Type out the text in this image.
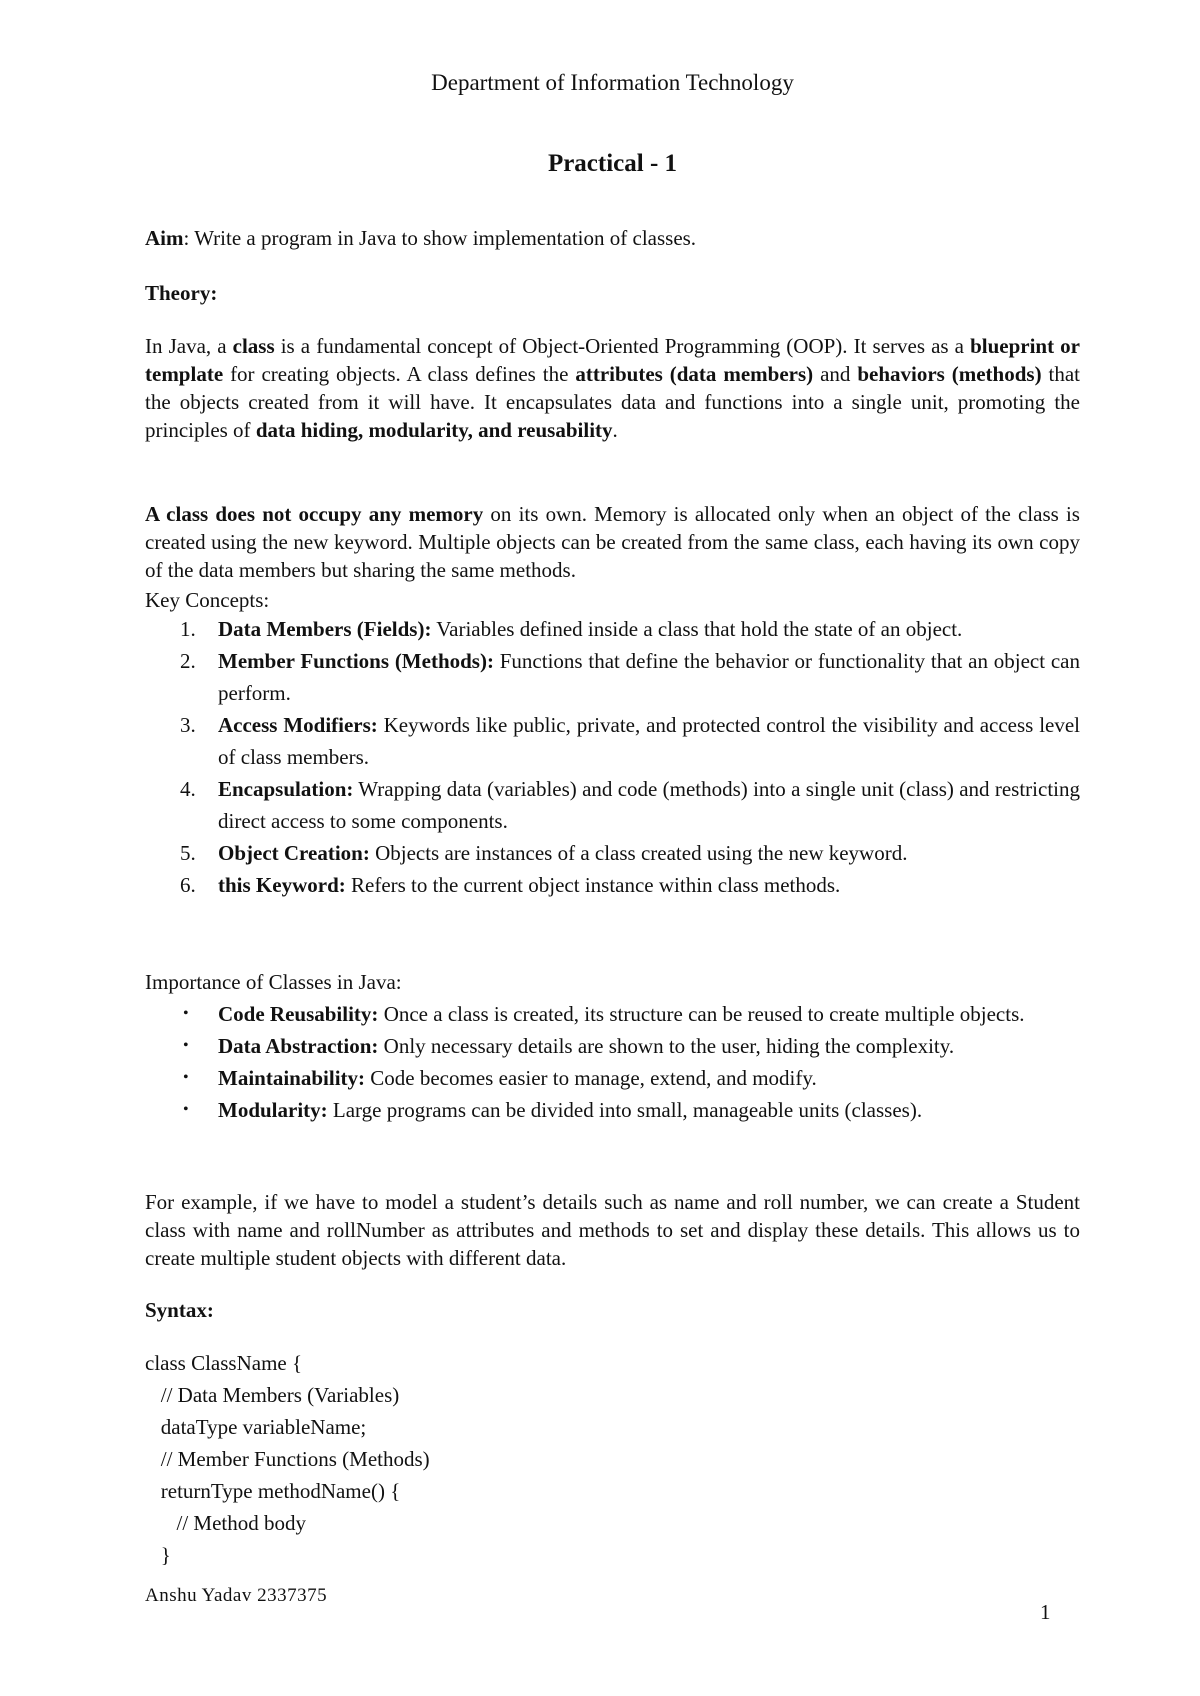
Department of Information Technology
Practical - 1
Aim: Write a program in Java to show implementation of classes.
Theory:
In Java, a class is a fundamental concept of Object-Oriented Programming (OOP). It serves as a blueprint or template for creating objects. A class defines the attributes (data members) and behaviors (methods) that the objects created from it will have. It encapsulates data and functions into a single unit, promoting the principles of data hiding, modularity, and reusability.
A class does not occupy any memory on its own. Memory is allocated only when an object of the class is created using the new keyword. Multiple objects can be created from the same class, each having its own copy of the data members but sharing the same methods.
Key Concepts:
1. Data Members (Fields): Variables defined inside a class that hold the state of an object.
2. Member Functions (Methods): Functions that define the behavior or functionality that an object can perform.
3. Access Modifiers: Keywords like public, private, and protected control the visibility and access level of class members.
4. Encapsulation: Wrapping data (variables) and code (methods) into a single unit (class) and restricting direct access to some components.
5. Object Creation: Objects are instances of a class created using the new keyword.
6. this Keyword: Refers to the current object instance within class methods.
Importance of Classes in Java:
• Code Reusability: Once a class is created, its structure can be reused to create multiple objects.
• Data Abstraction: Only necessary details are shown to the user, hiding the complexity.
• Maintainability: Code becomes easier to manage, extend, and modify.
• Modularity: Large programs can be divided into small, manageable units (classes).
For example, if we have to model a student’s details such as name and roll number, we can create a Student class with name and rollNumber as attributes and methods to set and display these details. This allows us to create multiple student objects with different data.
Syntax:
class ClassName {
// Data Members (Variables)
dataType variableName;
// Member Functions (Methods)
returnType methodName() {
// Method body
}
Anshu Yadav 2337375
1
